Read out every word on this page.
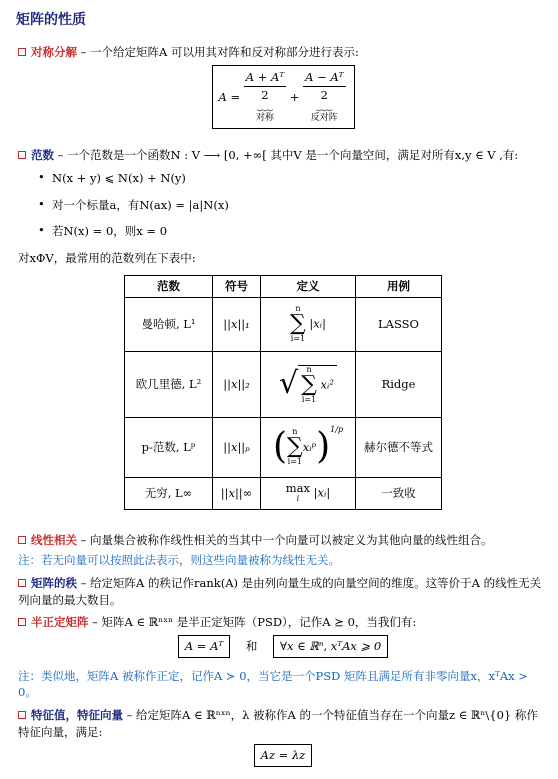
矩阵的性质
对称分解 – 一个给定矩阵A 可以用其对阵和反对称部分进行表示:
A =
A + Aᵀ
2
⏟⏟⏟
对称
+
A − Aᵀ
2
⏟⏟⏟
反对阵
范数 – 一个范数是一个函数N : V ⟶ [0, +∞[ 其中V 是一个向量空间，满足对所有x,y ∈ V ,有:
• N(x + y) ⩽ N(x) + N(y)
• 对一个标量a，有N(ax) = |a|N(x)
• 若N(x) = 0，则x = 0
对xΦV，最常用的范数列在下表中:
范数	符号	定义	用例
曼哈顿, L¹	||x||₁	n
∑
i=1
|xᵢ|	LASSO
欧几里德, L²	||x||₂	√ n
∑
i=1
xᵢ²	Ridge
p-范数, Lᵖ	||x||ₚ	( n
∑
i=1
xᵢᵖ)$^{1/p}$	赫尔德不等式
无穷, L∞	||x||∞	max
i |xᵢ|	一致收
线性相关 – 向量集合被称作线性相关的当其中一个向量可以被定义为其他向量的线性组合。
注：若无向量可以按照此法表示，则这些向量被称为线性无关。
矩阵的秩 – 给定矩阵A 的秩记作rank(A) 是由列向量生成的向量空间的维度。这等价于A 的线性无关列向量的最大数目。
半正定矩阵 – 矩阵A ∈ ℝⁿˣⁿ 是半正定矩阵（PSD），记作A ⪰ 0，当我们有:
A = Aᵀ 和 ∀x ∈ ℝⁿ, xᵀAx ⩾ 0
注：类似地，矩阵A 被称作正定，记作A ≻ 0，当它是一个PSD 矩阵且满足所有非零向量x，xᵀAx > 0。
特征值，特征向量 – 给定矩阵A ∈ ℝⁿˣⁿ，λ 被称作A 的一个特征值当存在一个向量z ∈ ℝⁿ\{0} 称作特征向量，满足:
Az = λz
